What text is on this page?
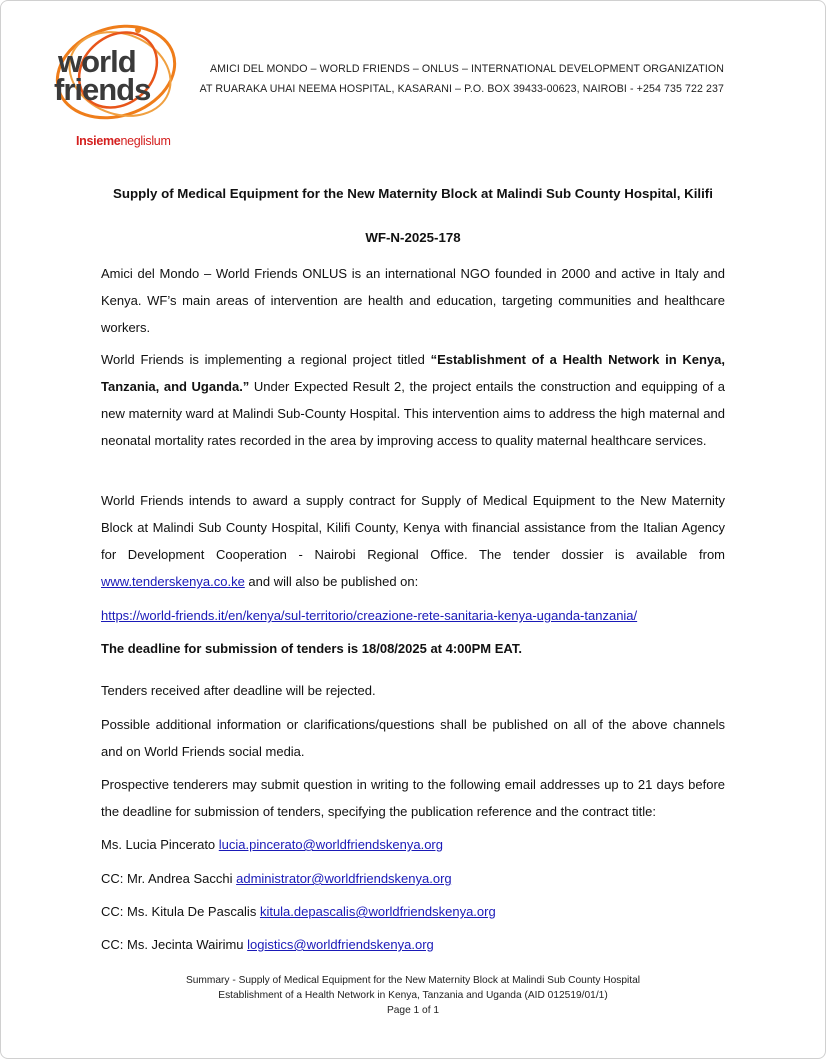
world
friends
Insiemeneglislum
AMICI DEL MONDO – WORLD FRIENDS – ONLUS – INTERNATIONAL DEVELOPMENT ORGANIZATION
AT RUARAKA UHAI NEEMA HOSPITAL, KASARANI – P.O. BOX 39433-00623, NAIROBI - +254 735 722 237
Supply of Medical Equipment for the New Maternity Block at Malindi Sub County Hospital, Kilifi
WF-N-2025-178
Amici del Mondo – World Friends ONLUS is an international NGO founded in 2000 and active in Italy and Kenya. WF’s main areas of intervention are health and education, targeting communities and healthcare workers.
World Friends is implementing a regional project titled “Establishment of a Health Network in Kenya, Tanzania, and Uganda.” Under Expected Result 2, the project entails the construction and equipping of a new maternity ward at Malindi Sub-County Hospital. This intervention aims to address the high maternal and neonatal mortality rates recorded in the area by improving access to quality maternal healthcare services.
World Friends intends to award a supply contract for Supply of Medical Equipment to the New Maternity Block at Malindi Sub County Hospital, Kilifi County, Kenya with financial assistance from the Italian Agency for Development Cooperation - Nairobi Regional Office. The tender dossier is available from www.tenderskenya.co.ke and will also be published on:
https://world-friends.it/en/kenya/sul-territorio/creazione-rete-sanitaria-kenya-uganda-tanzania/
The deadline for submission of tenders is 18/08/2025 at 4:00PM EAT.
Tenders received after deadline will be rejected.
Possible additional information or clarifications/questions shall be published on all of the above channels and on World Friends social media.
Prospective tenderers may submit question in writing to the following email addresses up to 21 days before the deadline for submission of tenders, specifying the publication reference and the contract title:
Ms. Lucia Pincerato lucia.pincerato@worldfriendskenya.org
CC: Mr. Andrea Sacchi administrator@worldfriendskenya.org
CC: Ms. Kitula De Pascalis kitula.depascalis@worldfriendskenya.org
CC: Ms. Jecinta Wairimu logistics@worldfriendskenya.org
Summary - Supply of Medical Equipment for the New Maternity Block at Malindi Sub County Hospital
Establishment of a Health Network in Kenya, Tanzania and Uganda (AID 012519/01/1)
Page 1 of 1
